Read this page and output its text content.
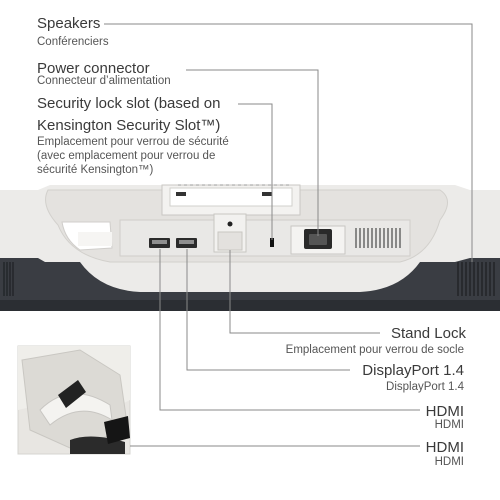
Speakers
Conférenciers
Power connector
Connecteur d’alimentation
Security lock slot (based on
Kensington Security Slot™)
Emplacement pour verrou de sécurité
(avec emplacement pour verrou de
sécurité Kensington™)
Stand Lock
Emplacement pour verrou de socle
DisplayPort 1.4
DisplayPort 1.4
HDMI
HDMI
HDMI
HDMI
